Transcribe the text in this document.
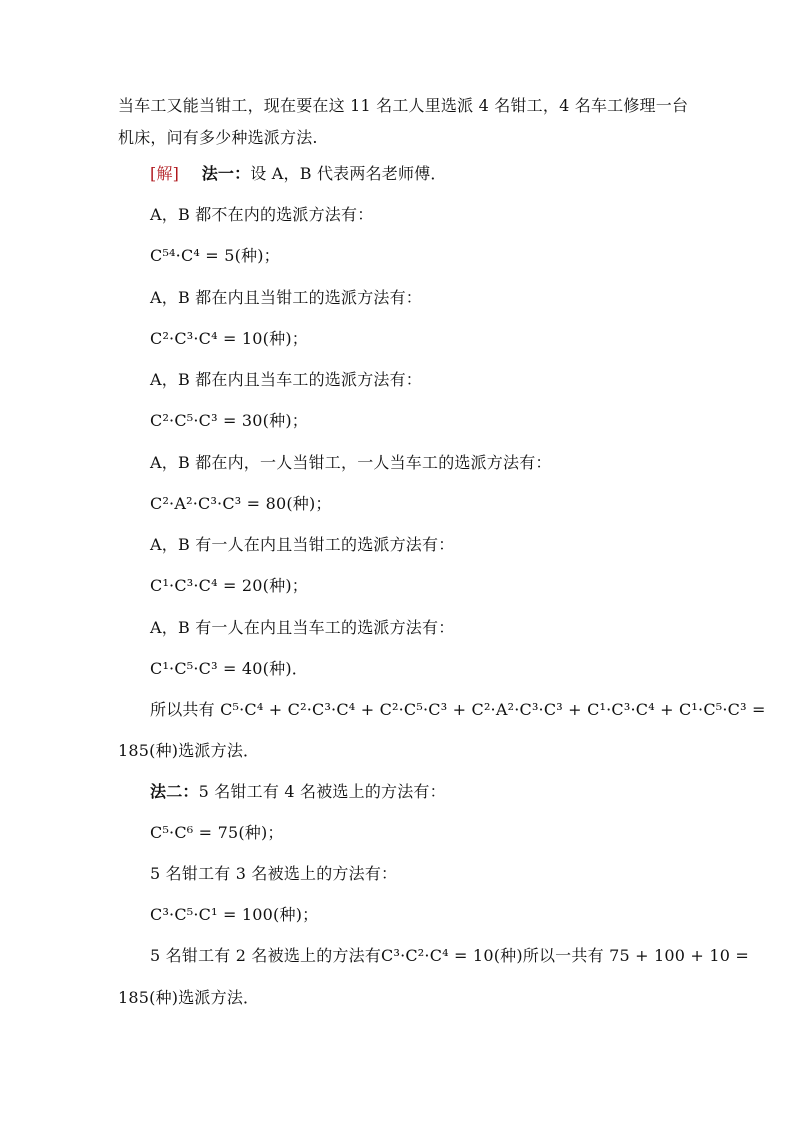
当车工又能当钳工，现在要在这 11 名工人里选派 4 名钳工，4 名车工修理一台
机床，问有多少种选派方法.
[解] 法一：设 A，B 代表两名老师傅．
A，B 都不在内的选派方法有：
C⁵⁴·C⁴ = 5(种)；
A，B 都在内且当钳工的选派方法有：
C²·C³·C⁴ = 10(种)；
A，B 都在内且当车工的选派方法有：
C²·C⁵·C³ = 30(种)；
A，B 都在内，一人当钳工，一人当车工的选派方法有：
C²·A²·C³·C³ = 80(种)；
A，B 有一人在内且当钳工的选派方法有：
C¹·C³·C⁴ = 20(种)；
A，B 有一人在内且当车工的选派方法有：
C¹·C⁵·C³ = 40(种)．
所以共有 C⁵·C⁴ + C²·C³·C⁴ + C²·C⁵·C³ + C²·A²·C³·C³ + C¹·C³·C⁴ + C¹·C⁵·C³ =
185(种)选派方法．
法二：5 名钳工有 4 名被选上的方法有：
C⁵·C⁶ = 75(种)；
5 名钳工有 3 名被选上的方法有：
C³·C⁵·C¹ = 100(种)；
5 名钳工有 2 名被选上的方法有C³·C²·C⁴ = 10(种)所以一共有 75 + 100 + 10 =
185(种)选派方法．
